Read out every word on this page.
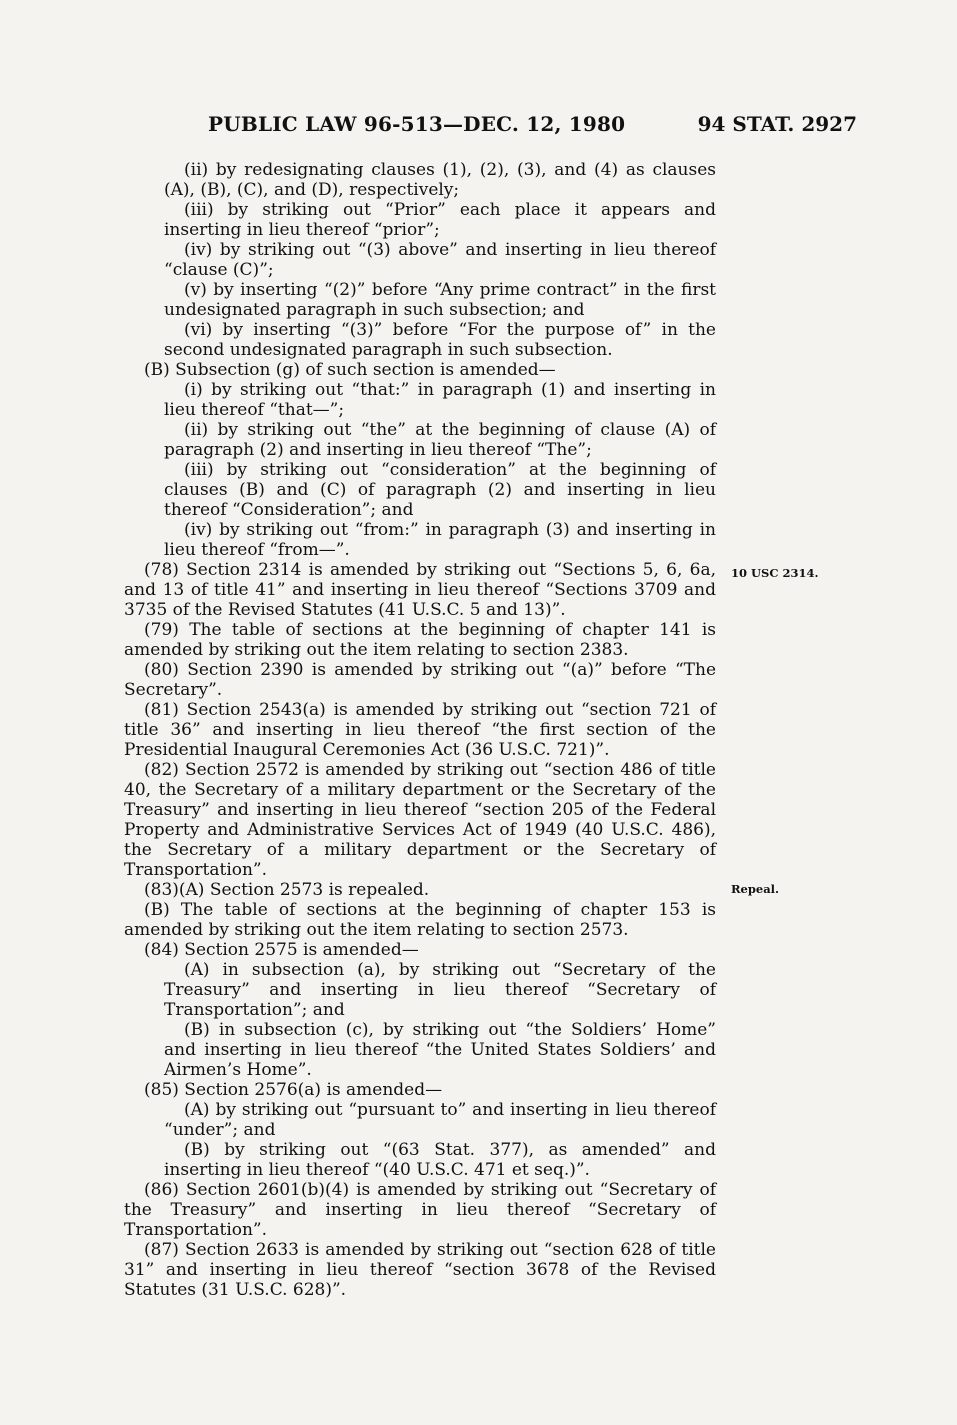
PUBLIC LAW 96-513—DEC. 12, 1980	94 STAT. 2927
10 USC 2314.
Repeal.

(ii) by redesignating clauses (1), (2), (3), and (4) as clauses (A), (B), (C), and (D), respectively;

(iii) by striking out “Prior” each place it appears and inserting in lieu thereof “prior”;

(iv) by striking out “(3) above” and inserting in lieu thereof “clause (C)”;

(v) by inserting “(2)” before “Any prime contract” in the first undesignated paragraph in such subsection; and

(vi) by inserting “(3)” before “For the purpose of” in the second undesignated paragraph in such subsection.

(B) Subsection (g) of such section is amended—

(i) by striking out “that:” in paragraph (1) and inserting in lieu thereof “that—”;

(ii) by striking out “the” at the beginning of clause (A) of paragraph (2) and inserting in lieu thereof “The”;

(iii) by striking out “consideration” at the beginning of clauses (B) and (C) of paragraph (2) and inserting in lieu thereof “Consideration”; and

(iv) by striking out “from:” in paragraph (3) and inserting in lieu thereof “from—”.

(78) Section 2314 is amended by striking out “Sections 5, 6, 6a, and 13 of title 41” and inserting in lieu thereof “Sections 3709 and 3735 of the Revised Statutes (41 U.S.C. 5 and 13)”.

(79) The table of sections at the beginning of chapter 141 is amended by striking out the item relating to section 2383.

(80) Section 2390 is amended by striking out “(a)” before “The Secretary”.

(81) Section 2543(a) is amended by striking out “section 721 of title 36” and inserting in lieu thereof “the first section of the Presidential Inaugural Ceremonies Act (36 U.S.C. 721)”.

(82) Section 2572 is amended by striking out “section 486 of title 40, the Secretary of a military department or the Secretary of the Treasury” and inserting in lieu thereof “section 205 of the Federal Property and Administrative Services Act of 1949 (40 U.S.C. 486), the Secretary of a military department or the Secretary of Transportation”.

(83)(A) Section 2573 is repealed.

(B) The table of sections at the beginning of chapter 153 is amended by striking out the item relating to section 2573.

(84) Section 2575 is amended—

(A) in subsection (a), by striking out “Secretary of the Treasury” and inserting in lieu thereof “Secretary of Transportation”; and

(B) in subsection (c), by striking out “the Soldiers’ Home” and inserting in lieu thereof “the United States Soldiers’ and Airmen’s Home”.

(85) Section 2576(a) is amended—

(A) by striking out “pursuant to” and inserting in lieu thereof “under”; and

(B) by striking out “(63 Stat. 377), as amended” and inserting in lieu thereof “(40 U.S.C. 471 et seq.)”.

(86) Section 2601(b)(4) is amended by striking out “Secretary of the Treasury” and inserting in lieu thereof “Secretary of Transportation”.

(87) Section 2633 is amended by striking out “section 628 of title 31” and inserting in lieu thereof “section 3678 of the Revised Statutes (31 U.S.C. 628)”.
